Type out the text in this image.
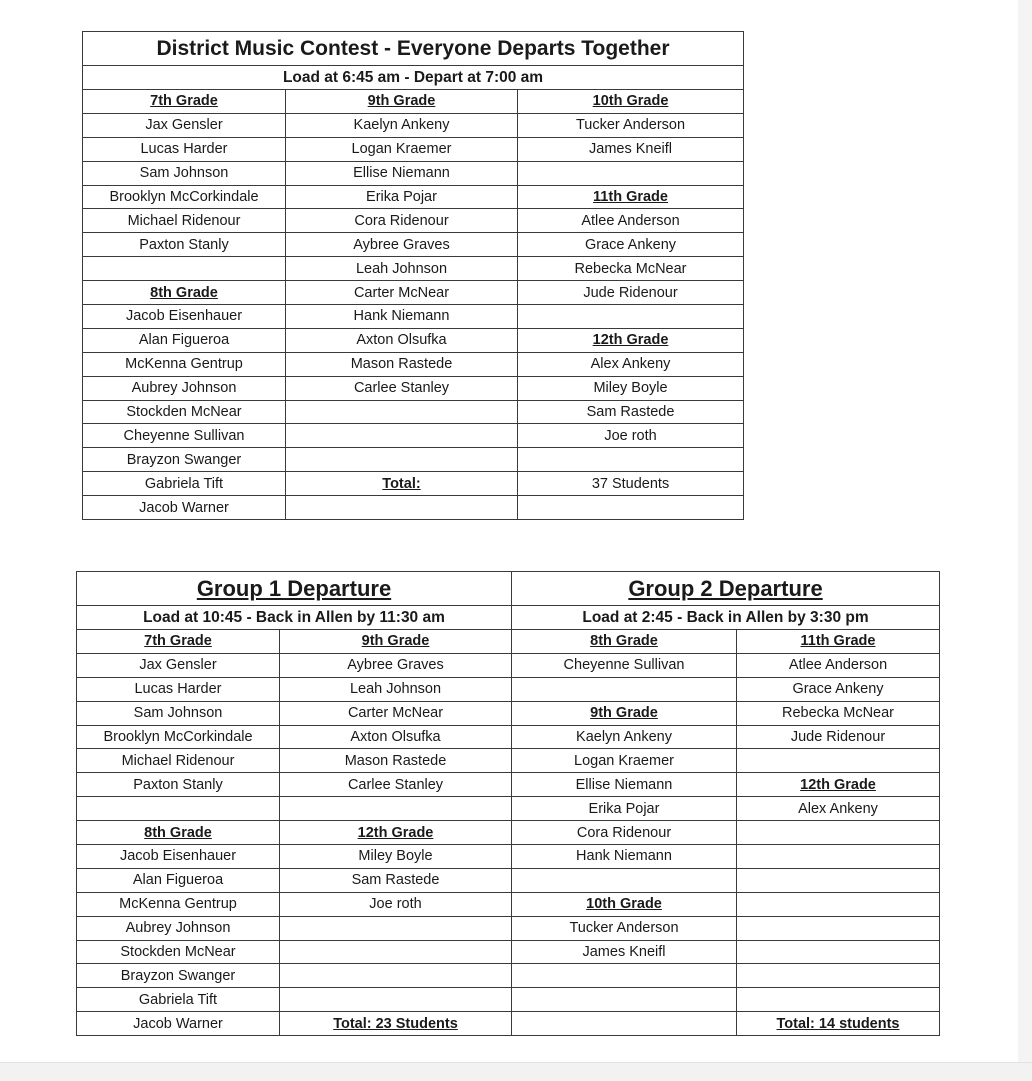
District Music Contest - Everyone Departs Together		
Load at 6:45 am - Depart at 7:00 am		
7th Grade	9th Grade	10th Grade
Jax Gensler	Kaelyn Ankeny	Tucker Anderson
Lucas Harder	Logan Kraemer	James Kneifl
Sam Johnson	Ellise Niemann	
Brooklyn McCorkindale	Erika Pojar	11th Grade
Michael Ridenour	Cora Ridenour	Atlee Anderson
Paxton Stanly	Aybree Graves	Grace Ankeny
	Leah Johnson	Rebecka McNear
8th Grade	Carter McNear	Jude Ridenour
Jacob Eisenhauer	Hank Niemann	
Alan Figueroa	Axton Olsufka	12th Grade
McKenna Gentrup	Mason Rastede	Alex Ankeny
Aubrey Johnson	Carlee Stanley	Miley Boyle
Stockden McNear		Sam Rastede
Cheyenne Sullivan		Joe roth
Brayzon Swanger		
Gabriela Tift	Total:	37 Students
Jacob Warner		
Group 1 Departure		Group 2 Departure	
Load at 10:45 - Back in Allen by 11:30 am		Load at 2:45 - Back in Allen by 3:30 pm	
7th Grade	9th Grade	8th Grade	11th Grade
Jax Gensler	Aybree Graves	Cheyenne Sullivan	Atlee Anderson
Lucas Harder	Leah Johnson		Grace Ankeny
Sam Johnson	Carter McNear	9th Grade	Rebecka McNear
Brooklyn McCorkindale	Axton Olsufka	Kaelyn Ankeny	Jude Ridenour
Michael Ridenour	Mason Rastede	Logan Kraemer	
Paxton Stanly	Carlee Stanley	Ellise Niemann	12th Grade
		Erika Pojar	Alex Ankeny
8th Grade	12th Grade	Cora Ridenour	
Jacob Eisenhauer	Miley Boyle	Hank Niemann	
Alan Figueroa	Sam Rastede		
McKenna Gentrup	Joe roth	10th Grade	
Aubrey Johnson		Tucker Anderson	
Stockden McNear		James Kneifl	
Brayzon Swanger			
Gabriela Tift			
Jacob Warner	Total: 23 Students		Total: 14 students
